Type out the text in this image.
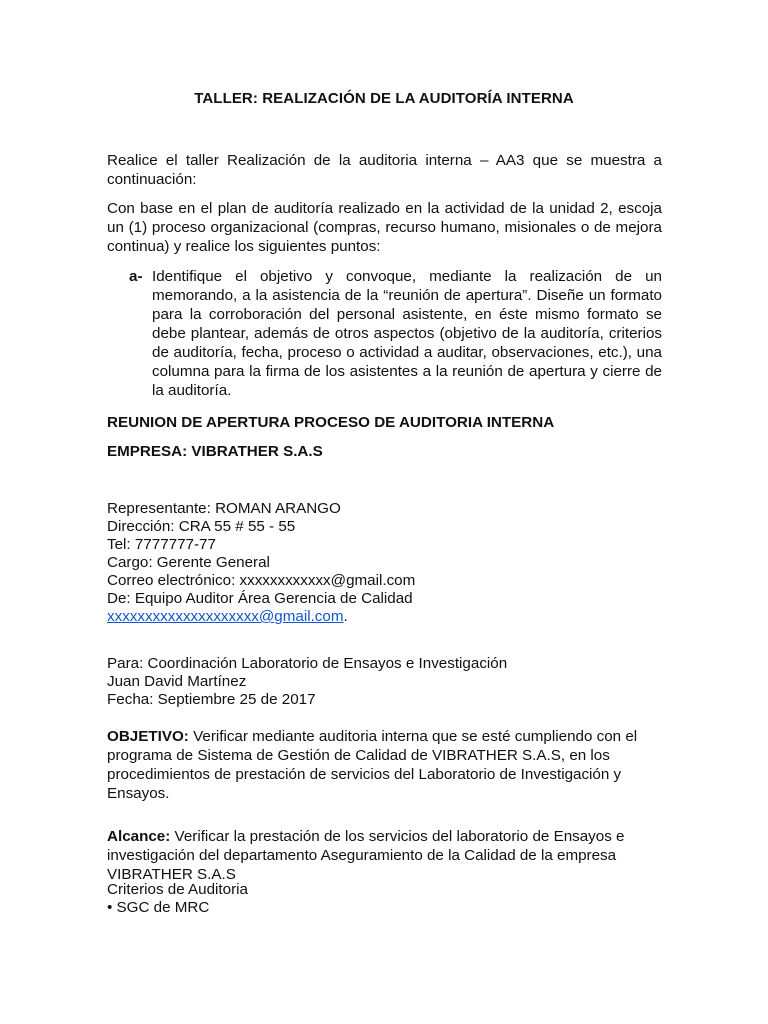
TALLER: REALIZACIÓN DE LA AUDITORÍA INTERNA

Realice el taller Realización de la auditoria interna – AA3 que se muestra a continuación:

Con base en el plan de auditoría realizado en la actividad de la unidad 2, escoja un (1) proceso organizacional (compras, recurso humano, misionales o de mejora continua) y realice los siguientes puntos:

a- Identifique el objetivo y convoque, mediante la realización de un memorando, a la asistencia de la “reunión de apertura”. Diseñe un formato para la corroboración del personal asistente, en éste mismo formato se debe plantear, además de otros aspectos (objetivo de la auditoría, criterios de auditoría, fecha, proceso o actividad a auditar, observaciones, etc.), una columna para la firma de los asistentes a la reunión de apertura y cierre de la auditoría.

REUNION DE APERTURA PROCESO DE AUDITORIA INTERNA
EMPRESA: VIBRATHER S.A.S
Representante: ROMAN ARANGO
Dirección: CRA 55 # 55 - 55
Tel: 7777777-77
Cargo: Gerente General
Correo electrónico: xxxxxxxxxxxx@gmail.com
De: Equipo Auditor Área Gerencia de Calidad
xxxxxxxxxxxxxxxxxxxx@gmail.com.
Para: Coordinación Laboratorio de Ensayos e Investigación
Juan David Martínez
Fecha: Septiembre 25 de 2017

OBJETIVO: Verificar mediante auditoria interna que se esté cumpliendo con el programa de Sistema de Gestión de Calidad de VIBRATHER S.A.S, en los procedimientos de prestación de servicios del Laboratorio de Investigación y Ensayos.

Alcance: Verificar la prestación de los servicios del laboratorio de Ensayos e investigación del departamento Aseguramiento de la Calidad de la empresa VIBRATHER S.A.S

Criterios de Auditoria
• SGC de MRC
